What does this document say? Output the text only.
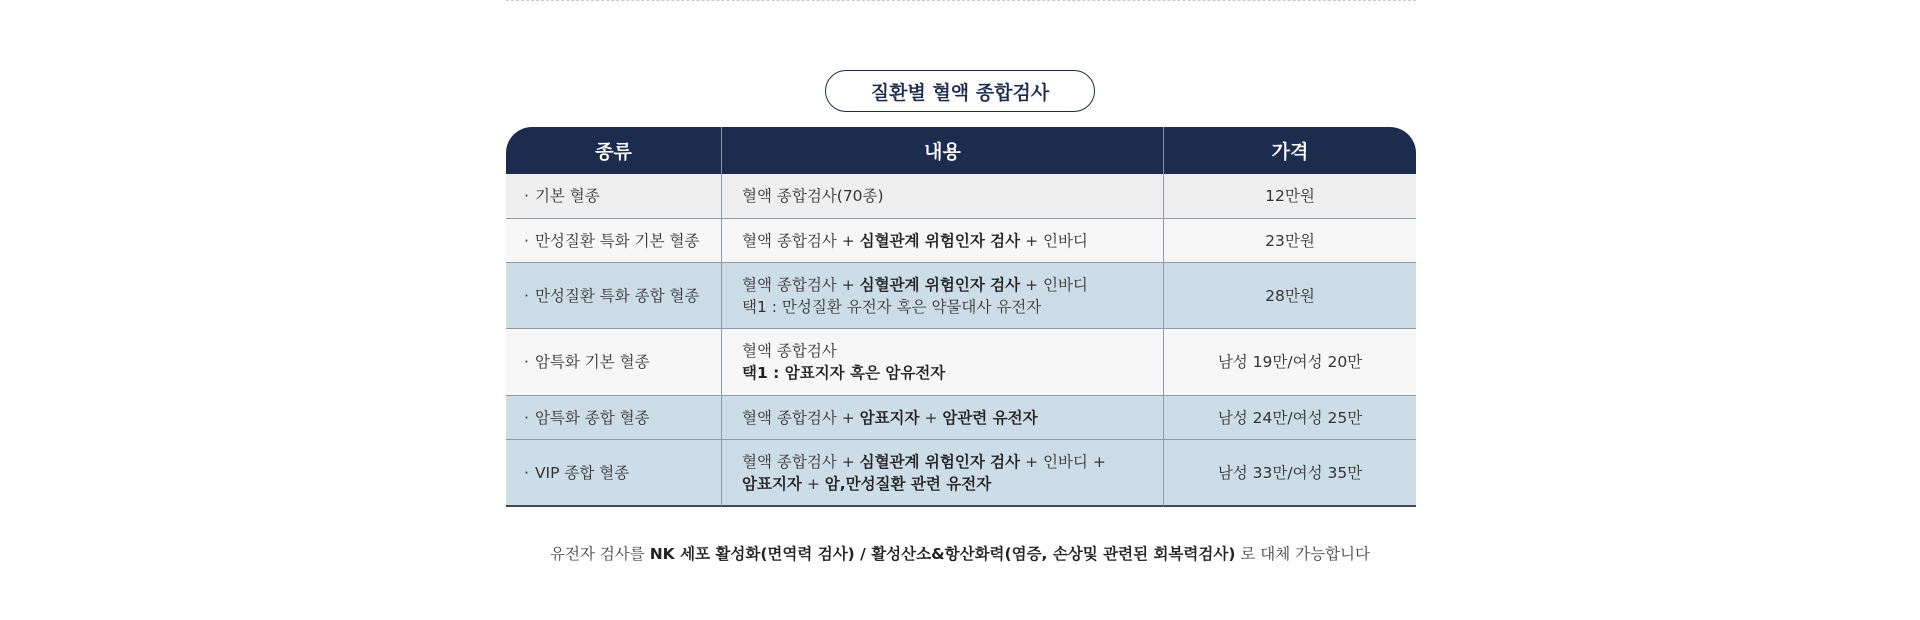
질환별 혈액 종합검사
종류	내용	가격
· 기본 혈종	혈액 종합검사(70종)	12만원
· 만성질환 특화 기본 혈종	혈액 종합검사 + 심혈관계 위험인자 검사 + 인바디	23만원
· 만성질환 특화 종합 혈종	혈액 종합검사 + 심혈관계 위험인자 검사 + 인바디
택1 : 만성질환 유전자 혹은 약물대사 유전자	28만원
· 암특화 기본 혈종	혈액 종합검사
택1 : 암표지자 혹은 암유전자	남성 19만/여성 20만
· 암특화 종합 혈종	혈액 종합검사 + 암표지자 + 암관련 유전자	남성 24만/여성 25만
· VIP 종합 혈종	혈액 종합검사 + 심혈관계 위험인자 검사 + 인바디 +
암표지자 + 암,만성질환 관련 유전자	남성 33만/여성 35만
유전자 검사를 NK 세포 활성화(면역력 검사) / 활성산소&항산화력(염증, 손상및 관련된 회복력검사) 로 대체 가능합니다
